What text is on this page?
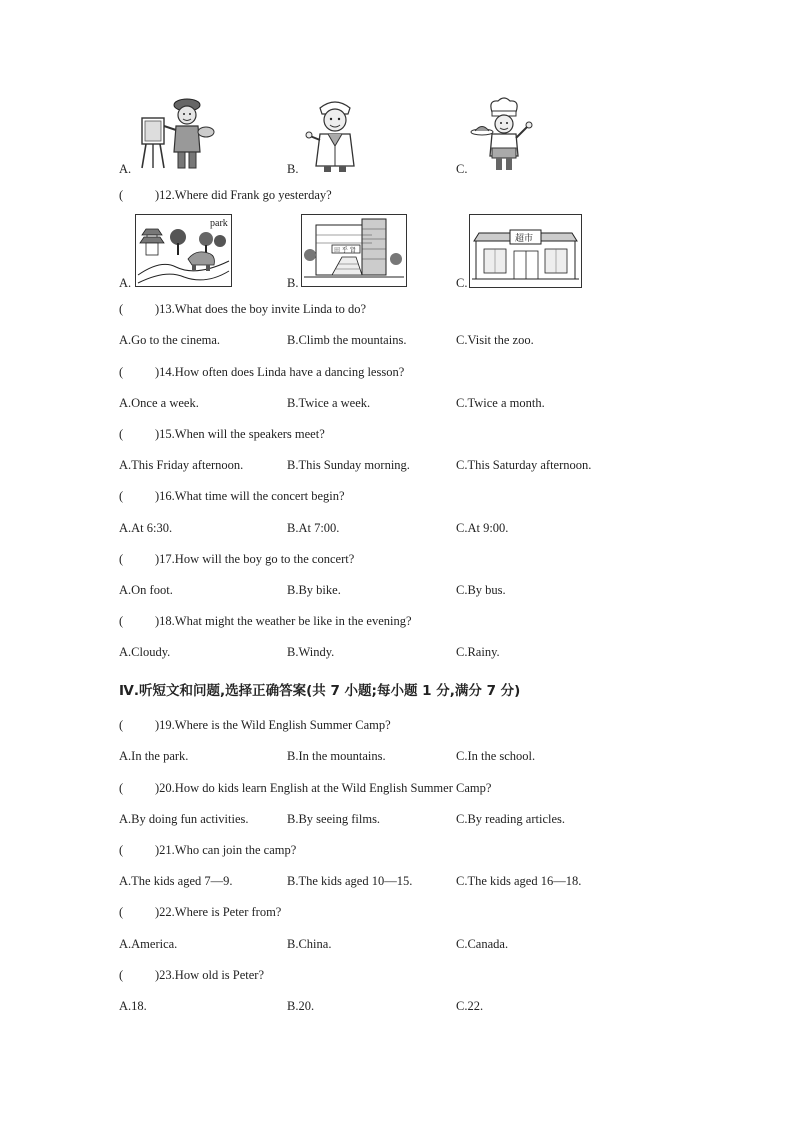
A.	B.	C.
(	)12.Where did Frank go yesterday?
A.
park
B.
田 乎 肾
C.
超市
(	)13.What does the boy invite Linda to do?
A.Go to the cinema.	B.Climb the mountains.	C.Visit the zoo.
(	)14.How often does Linda have a dancing lesson?
A.Once a week.	B.Twice a week.	C.Twice a month.
(	)15.When will the speakers meet?
A.This Friday afternoon.	B.This Sunday morning.	C.This Saturday afternoon.
(	)16.What time will the concert begin?
A.At 6:30.	B.At 7:00.	C.At 9:00.
(	)17.How will the boy go to the concert?
A.On foot.	B.By bike.	C.By bus.
(	)18.What might the weather be like in the evening?
A.Cloudy.	B.Windy.	C.Rainy.
Ⅳ.听短文和问题,选择正确答案(共 7 小题;每小题 1 分,满分 7 分)
(	)19.Where is the Wild English Summer Camp?
A.In the park.	B.In the mountains.	C.In the school.
(	)20.How do kids learn English at the Wild English Summer Camp?
A.By doing fun activities.	B.By seeing films.	C.By reading articles.
(	)21.Who can join the camp?
A.The kids aged 7—9.	B.The kids aged 10—15.	C.The kids aged 16—18.
(	)22.Where is Peter from?
A.America.	B.China.	C.Canada.
(	)23.How old is Peter?
A.18.	B.20.	C.22.
